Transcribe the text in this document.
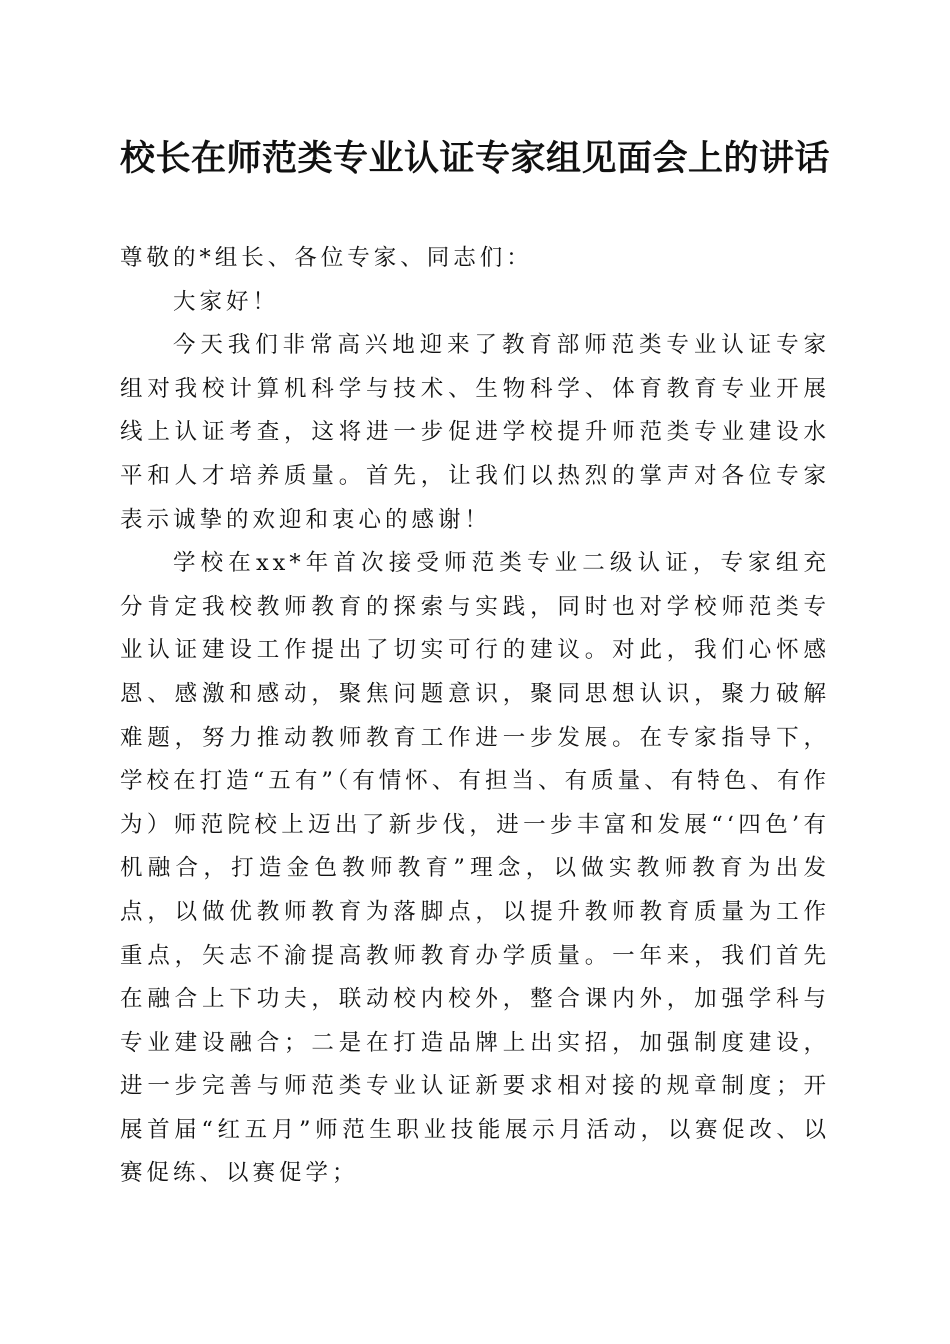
校长在师范类专业认证专家组见面会上的讲话

尊敬的*组长、各位专家、同志们：

大家好！

今天我们非常高兴地迎来了教育部师范类专业认证专家组对我校计算机科学与技术、生物科学、体育教育专业开展线上认证考查，这将进一步促进学校提升师范类专业建设水平和人才培养质量。首先，让我们以热烈的掌声对各位专家表示诚挚的欢迎和衷心的感谢！

学校在xx*年首次接受师范类专业二级认证，专家组充分肯定我校教师教育的探索与实践，同时也对学校师范类专业认证建设工作提出了切实可行的建议。对此，我们心怀感恩、感激和感动，聚焦问题意识，聚同思想认识，聚力破解难题，努力推动教师教育工作进一步发展。在专家指导下，学校在打造“五有”（有情怀、有担当、有质量、有特色、有作为）师范院校上迈出了新步伐，进一步丰富和发展“‘四色’有机融合，打造金色教师教育”理念，以做实教师教育为出发点，以做优教师教育为落脚点，以提升教师教育质量为工作重点，矢志不渝提高教师教育办学质量。一年来，我们首先在融合上下功夫，联动校内校外，整合课内外，加强学科与专业建设融合；二是在打造品牌上出实招，加强制度建设，进一步完善与师范类专业认证新要求相对接的规章制度；开展首届“红五月”师范生职业技能展示月活动，以赛促改、以赛促练、以赛促学；
